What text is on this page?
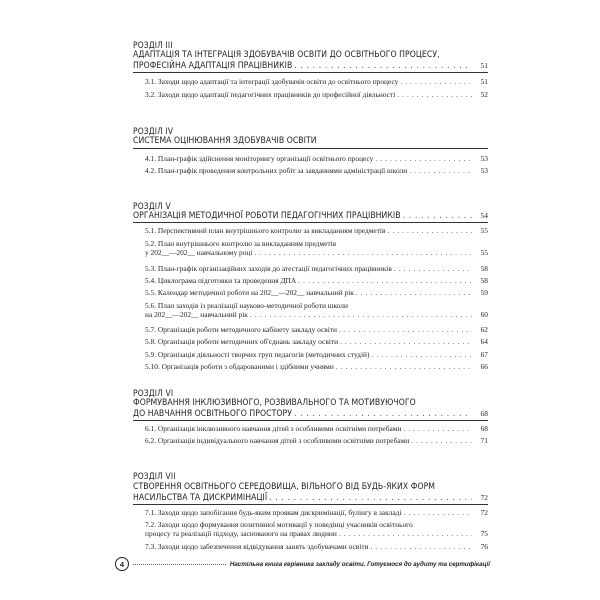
РОЗДІЛ III
АДАПТАЦІЯ ТА ІНТЕГРАЦІЯ ЗДОБУВАЧІВ ОСВІТИ ДО ОСВІТНЬОГО ПРОЦЕСУ,
ПРОФЕСІЙНА АДАПТАЦІЯ ПРАЦІВНИКІВ . . .	51
3.1. Заходи щодо адаптації та інтеграції здобувачів освіти до освітнього процесу . . .	51
3.2. Заходи щодо адаптації педагогічних працівників до професійної діяльності . . .	52
РОЗДІЛ IV
СИСТЕМА ОЦІНЮВАННЯ ЗДОБУВАЧІВ ОСВІТИ
4.1. План-графік здійснення моніторингу організації освітнього процесу . . .	53
4.2. План-графік проведення контрольних робіт за завданнями адміністрації школи . . .	53
РОЗДІЛ V
ОРГАНІЗАЦІЯ МЕТОДИЧНОЇ РОБОТИ ПЕДАГОГІЧНИХ ПРАЦІВНИКІВ . . .	54
5.1. Перспективний план внутрішнього контролю за викладанням предметів . . .	55
5.2. План внутрішнього контролю за викладанням предметів
у 202__—202__ навчальному році . . .	55
5.3. План-графік організаційних заходів до атестації педагогічних працівників . . .	58
5.4. Циклограма підготовки та проведення ДПА . . .	58
5.5. Календар методичної роботи на 202__—202__ навчальний рік . . .	59
5.6. План заходів із реалізації науково-методичної роботи школи
на 202__—202__ навчальний рік . . .	60
5.7. Організація роботи методичного кабінету закладу освіти . . .	62
5.8. Організація роботи методичних об'єднань закладу освіти . . .	64
5.9. Організація діяльності творчих груп педагогів (методичних студій) . . .	67
5.10. Організація роботи з обдарованими і здібними учнями . . .	66
РОЗДІЛ VI
ФОРМУВАННЯ ІНКЛЮЗИВНОГО, РОЗВИВАЛЬНОГО ТА МОТИВУЮЧОГО
ДО НАВЧАННЯ ОСВІТНЬОГО ПРОСТОРУ . . .	68
6.1. Організація інклюзивного навчання дітей з особливими освітніми потребами . . .	68
6.2. Організація індивідуального навчання дітей з особливими освітніми потребами . . .	71
РОЗДІЛ VII
СТВОРЕННЯ ОСВІТНЬОГО СЕРЕДОВИЩА, ВІЛЬНОГО ВІД БУДЬ-ЯКИХ ФОРМ
НАСИЛЬСТВА ТА ДИСКРИМІНАЦІЇ . . .	72
7.1. Заходи щодо запобігання будь-яким проявам дискримінації, булінгу в закладі . . .	72
7.2. Заходи щодо формування позитивної мотивації у поведінці учасників освітнього
процесу та реалізації підходу, заснованого на правах людини . . .	75
7.3. Заходи щодо забезпечення відвідування занять здобувачами освіти . . .	76
4	Настільна книга керівника закладу освіти. Готуємося до аудиту та сертифікації
